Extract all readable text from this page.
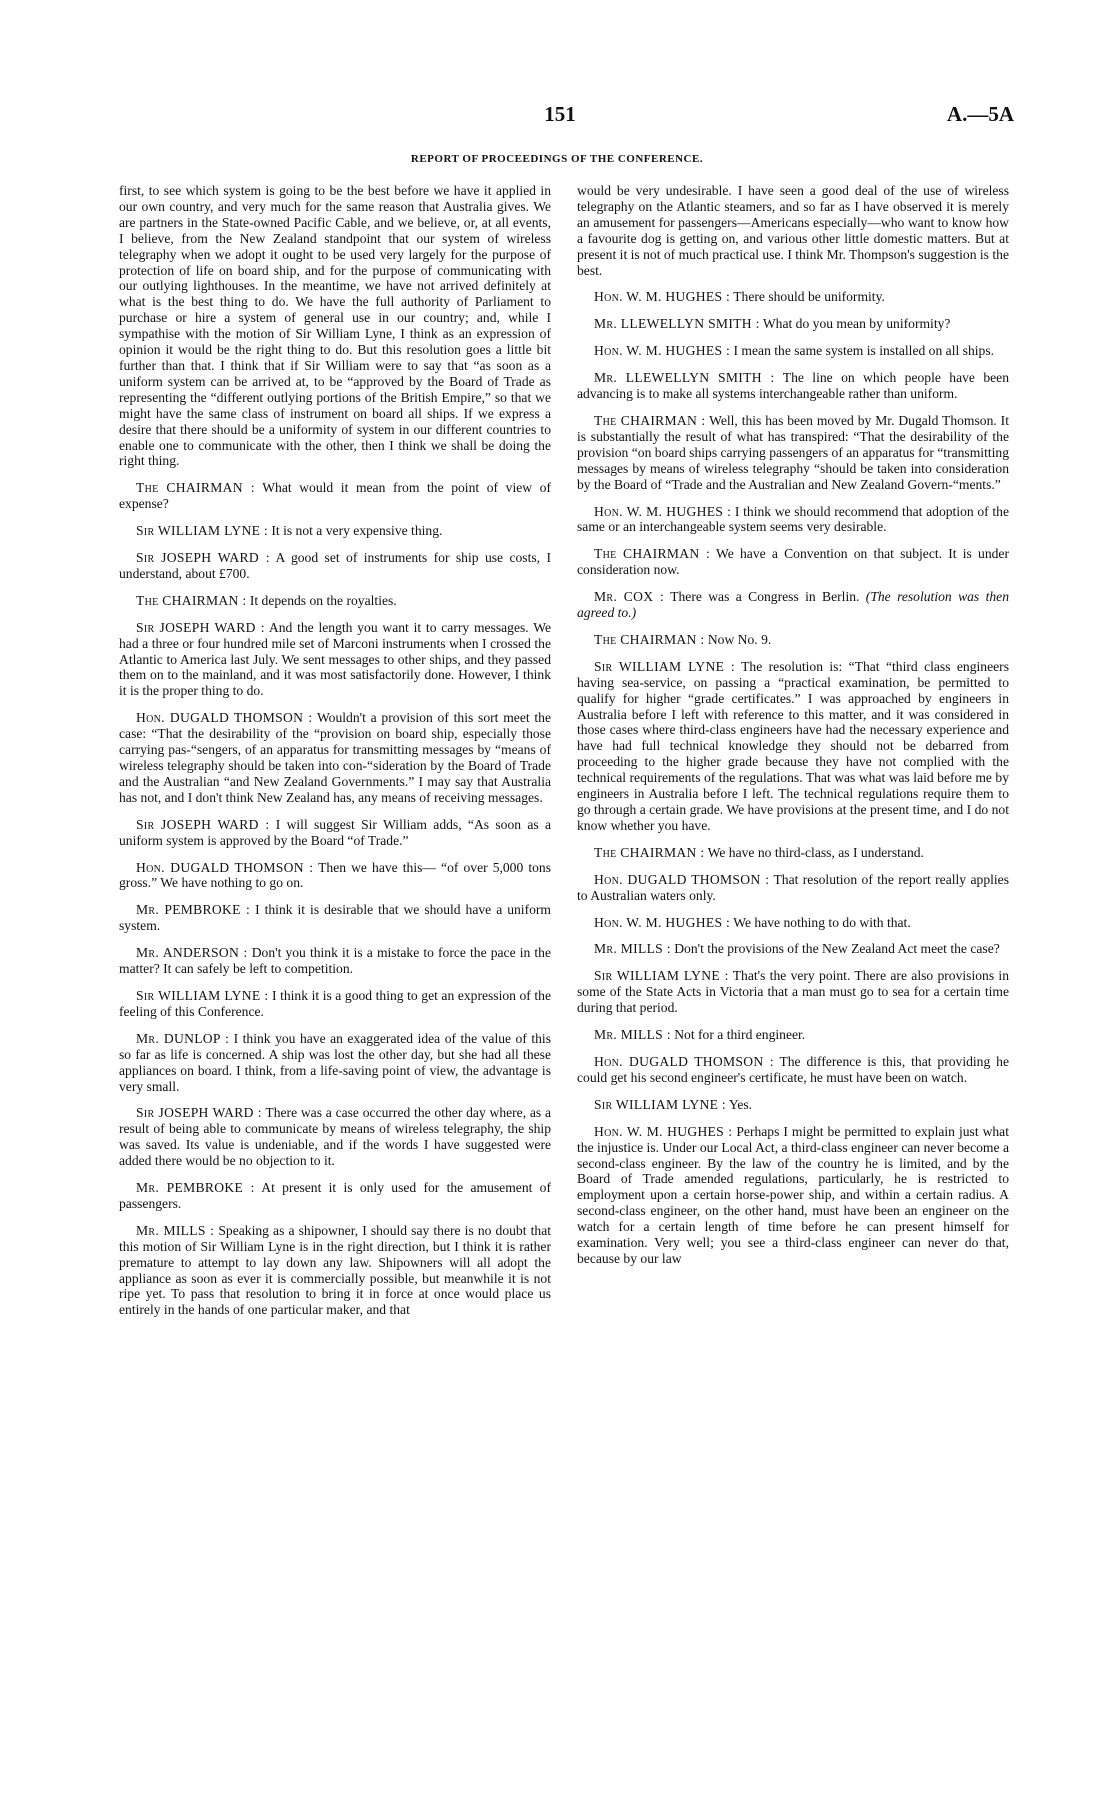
151	A.—5A
REPORT OF PROCEEDINGS OF THE CONFERENCE.

first, to see which system is going to be the best before we have it applied in our own country, and very much for the same reason that Australia gives. We are partners in the State-owned Pacific Cable, and we believe, or, at all events, I believe, from the New Zealand standpoint that our system of wireless telegraphy when we adopt it ought to be used very largely for the purpose of protection of life on board ship, and for the purpose of communicating with our outlying lighthouses. In the meantime, we have not arrived definitely at what is the best thing to do. We have the full authority of Parliament to purchase or hire a system of general use in our country; and, while I sympathise with the motion of Sir William Lyne, I think as an expression of opinion it would be the right thing to do. But this resolution goes a little bit further than that. I think that if Sir William were to say that “as soon as a uniform system can be arrived at, to be “approved by the Board of Trade as representing the “different outlying portions of the British Empire,” so that we might have the same class of instrument on board all ships. If we express a desire that there should be a uniformity of system in our different countries to enable one to communicate with the other, then I think we shall be doing the right thing.

The CHAIRMAN : What would it mean from the point of view of expense?

Sir WILLIAM LYNE : It is not a very expensive thing.

Sir JOSEPH WARD : A good set of instruments for ship use costs, I understand, about £700.

The CHAIRMAN : It depends on the royalties.

Sir JOSEPH WARD : And the length you want it to carry messages. We had a three or four hundred mile set of Marconi instruments when I crossed the Atlantic to America last July. We sent messages to other ships, and they passed them on to the mainland, and it was most satisfactorily done. However, I think it is the proper thing to do.

Hon. DUGALD THOMSON : Wouldn't a provision of this sort meet the case: “That the desirability of the “provision on board ship, especially those carrying pas-“sengers, of an apparatus for transmitting messages by “means of wireless telegraphy should be taken into con-“sideration by the Board of Trade and the Australian “and New Zealand Governments.” I may say that Australia has not, and I don't think New Zealand has, any means of receiving messages.

Sir JOSEPH WARD : I will suggest Sir William adds, “As soon as a uniform system is approved by the Board “of Trade.”

Hon. DUGALD THOMSON : Then we have this— “of over 5,000 tons gross.” We have nothing to go on.

Mr. PEMBROKE : I think it is desirable that we should have a uniform system.

Mr. ANDERSON : Don't you think it is a mistake to force the pace in the matter? It can safely be left to competition.

Sir WILLIAM LYNE : I think it is a good thing to get an expression of the feeling of this Conference.

Mr. DUNLOP : I think you have an exaggerated idea of the value of this so far as life is concerned. A ship was lost the other day, but she had all these appliances on board. I think, from a life-saving point of view, the advantage is very small.

Sir JOSEPH WARD : There was a case occurred the other day where, as a result of being able to communicate by means of wireless telegraphy, the ship was saved. Its value is undeniable, and if the words I have suggested were added there would be no objection to it.

Mr. PEMBROKE : At present it is only used for the amusement of passengers.

Mr. MILLS : Speaking as a shipowner, I should say there is no doubt that this motion of Sir William Lyne is in the right direction, but I think it is rather premature to attempt to lay down any law. Shipowners will all adopt the appliance as soon as ever it is commercially possible, but meanwhile it is not ripe yet. To pass that resolution to bring it in force at once would place us entirely in the hands of one particular maker, and that

would be very undesirable. I have seen a good deal of the use of wireless telegraphy on the Atlantic steamers, and so far as I have observed it is merely an amusement for passengers—Americans especially—who want to know how a favourite dog is getting on, and various other little domestic matters. But at present it is not of much practical use. I think Mr. Thompson's suggestion is the best.

Hon. W. M. HUGHES : There should be uniformity.

Mr. LLEWELLYN SMITH : What do you mean by uniformity?

Hon. W. M. HUGHES : I mean the same system is installed on all ships.

Mr. LLEWELLYN SMITH : The line on which people have been advancing is to make all systems interchangeable rather than uniform.

The CHAIRMAN : Well, this has been moved by Mr. Dugald Thomson. It is substantially the result of what has transpired: “That the desirability of the provision “on board ships carrying passengers of an apparatus for “transmitting messages by means of wireless telegraphy “should be taken into consideration by the Board of “Trade and the Australian and New Zealand Govern-“ments.”

Hon. W. M. HUGHES : I think we should recommend that adoption of the same or an interchangeable system seems very desirable.

The CHAIRMAN : We have a Convention on that subject. It is under consideration now.

Mr. COX : There was a Congress in Berlin. (The resolution was then agreed to.)

The CHAIRMAN : Now No. 9.

Sir WILLIAM LYNE : The resolution is: “That “third class engineers having sea-service, on passing a “practical examination, be permitted to qualify for higher “grade certificates.” I was approached by engineers in Australia before I left with reference to this matter, and it was considered in those cases where third-class engineers have had the necessary experience and have had full technical knowledge they should not be debarred from proceeding to the higher grade because they have not complied with the technical requirements of the regulations. That was what was laid before me by engineers in Australia before I left. The technical regulations require them to go through a certain grade. We have provisions at the present time, and I do not know whether you have.

The CHAIRMAN : We have no third-class, as I understand.

Hon. DUGALD THOMSON : That resolution of the report really applies to Australian waters only.

Hon. W. M. HUGHES : We have nothing to do with that.

Mr. MILLS : Don't the provisions of the New Zealand Act meet the case?

Sir WILLIAM LYNE : That's the very point. There are also provisions in some of the State Acts in Victoria that a man must go to sea for a certain time during that period.

Mr. MILLS : Not for a third engineer.

Hon. DUGALD THOMSON : The difference is this, that providing he could get his second engineer's certificate, he must have been on watch.

Sir WILLIAM LYNE : Yes.

Hon. W. M. HUGHES : Perhaps I might be permitted to explain just what the injustice is. Under our Local Act, a third-class engineer can never become a second-class engineer. By the law of the country he is limited, and by the Board of Trade amended regulations, particularly, he is restricted to employment upon a certain horse-power ship, and within a certain radius. A second-class engineer, on the other hand, must have been an engineer on the watch for a certain length of time before he can present himself for examination. Very well; you see a third-class engineer can never do that, because by our law
